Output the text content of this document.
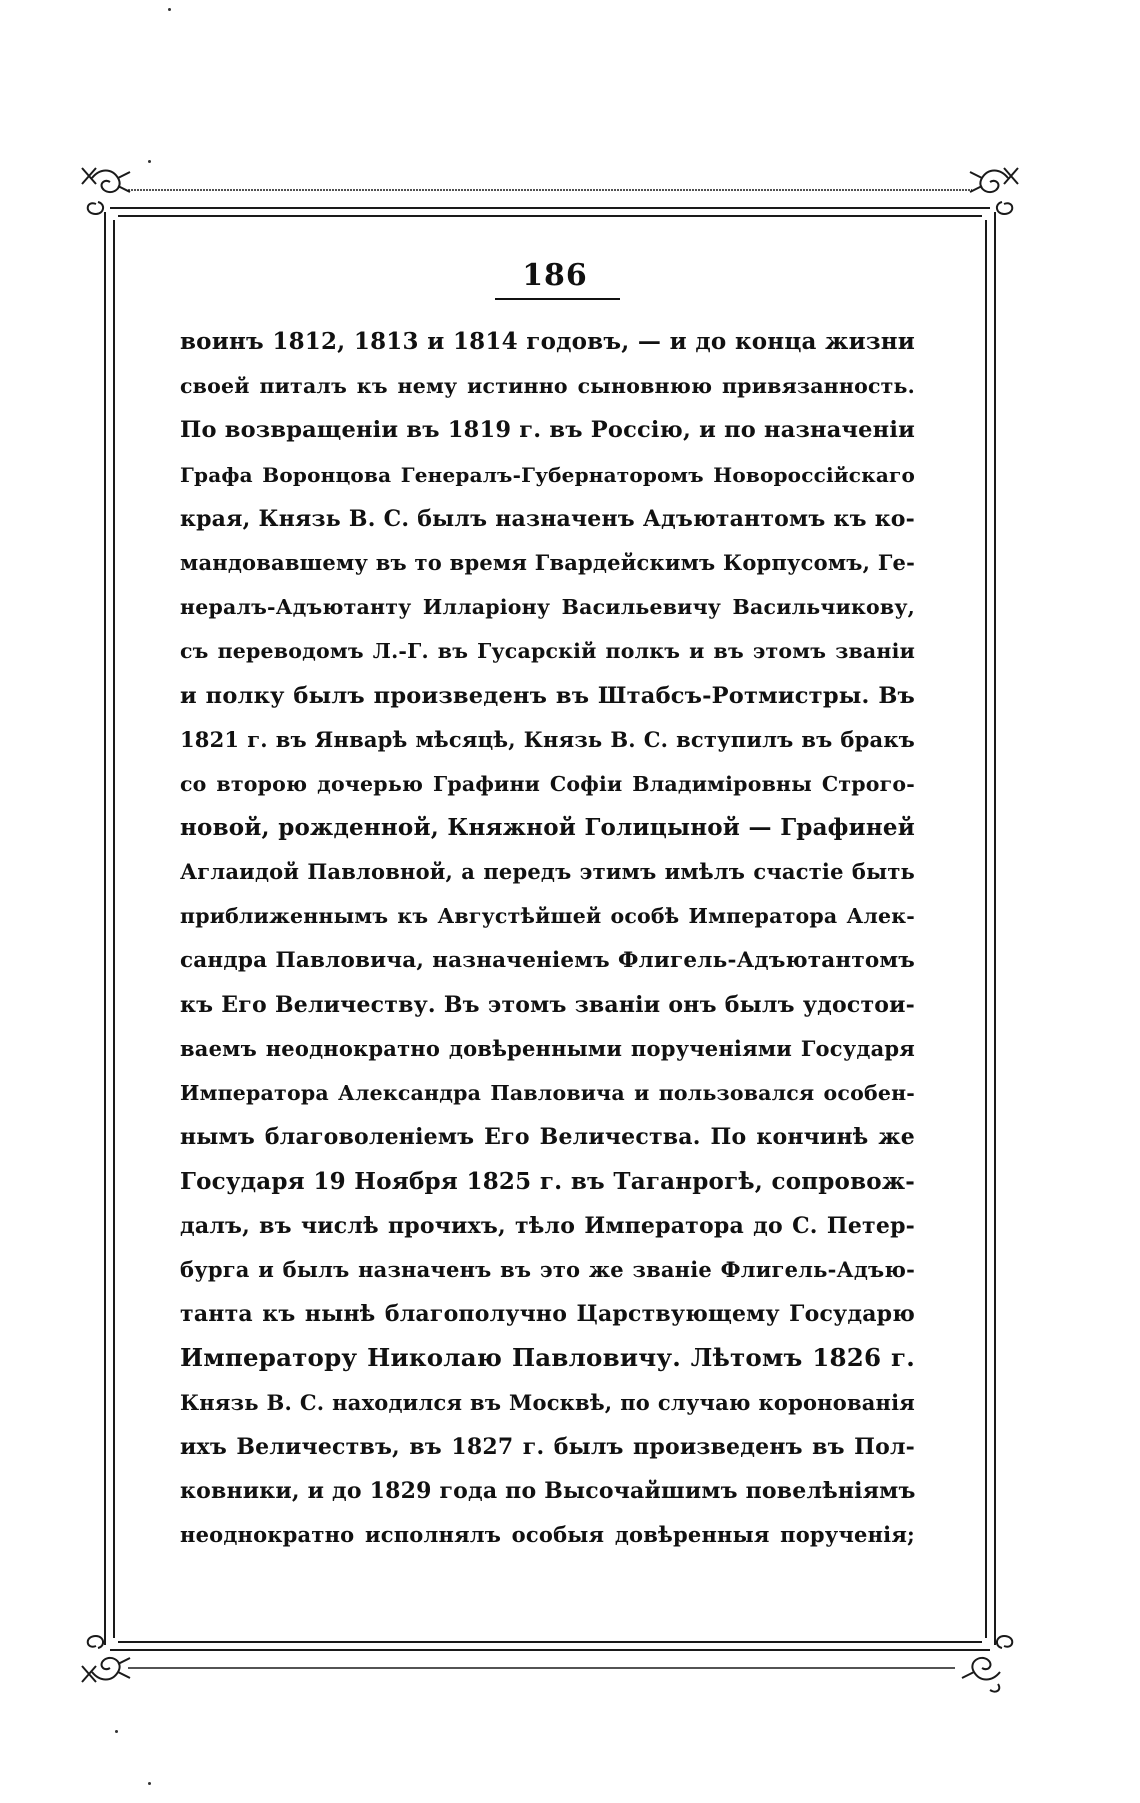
186
воинъ 1812, 1813 и 1814 годовъ, — и до конца жизни
своей питалъ къ нему истинно сыновнюю привязанность.
По возвращеніи въ 1819 г. въ Россію, и по назначеніи
Графа Воронцова Генералъ-Губернаторомъ Новороссійскаго
края, Князь В. С. былъ назначенъ Адъютантомъ къ ко-
мандовавшему въ то время Гвардейскимъ Корпусомъ, Ге-
нералъ-Адъютанту Илларіону Васильевичу Васильчикову,
съ переводомъ Л.-Г. въ Гусарскій полкъ и въ этомъ званіи
и полку былъ произведенъ въ Штабсъ-Ротмистры. Въ
1821 г. въ Январѣ мѣсяцѣ, Князь В. С. вступилъ въ бракъ
со второю дочерью Графини Софіи Владиміровны Строго-
новой, рожденной, Княжной Голицыной — Графиней
Аглаидой Павловной, а передъ этимъ имѣлъ счастіе быть
приближеннымъ къ Августѣйшей особѣ Императора Алек-
сандра Павловича, назначеніемъ Флигель-Адъютантомъ
къ Его Величеству. Въ этомъ званіи онъ былъ удостои-
ваемъ неоднократно довѣренными порученіями Государя
Императора Александра Павловича и пользовался особен-
нымъ благоволеніемъ Его Величества. По кончинѣ же
Государя 19 Ноября 1825 г. въ Таганрогѣ, сопровож-
далъ, въ числѣ прочихъ, тѣло Императора до С. Петер-
бурга и былъ назначенъ въ это же званіе Флигель-Адъю-
танта къ нынѣ благополучно Царствующему Государю
Императору Николаю Павловичу. Лѣтомъ 1826 г.
Князь В. С. находился въ Москвѣ, по случаю коронованія
ихъ Величествъ, въ 1827 г. былъ произведенъ въ Пол-
ковники, и до 1829 года по Высочайшимъ повелѣніямъ
неоднократно исполнялъ особыя довѣренныя порученія;
